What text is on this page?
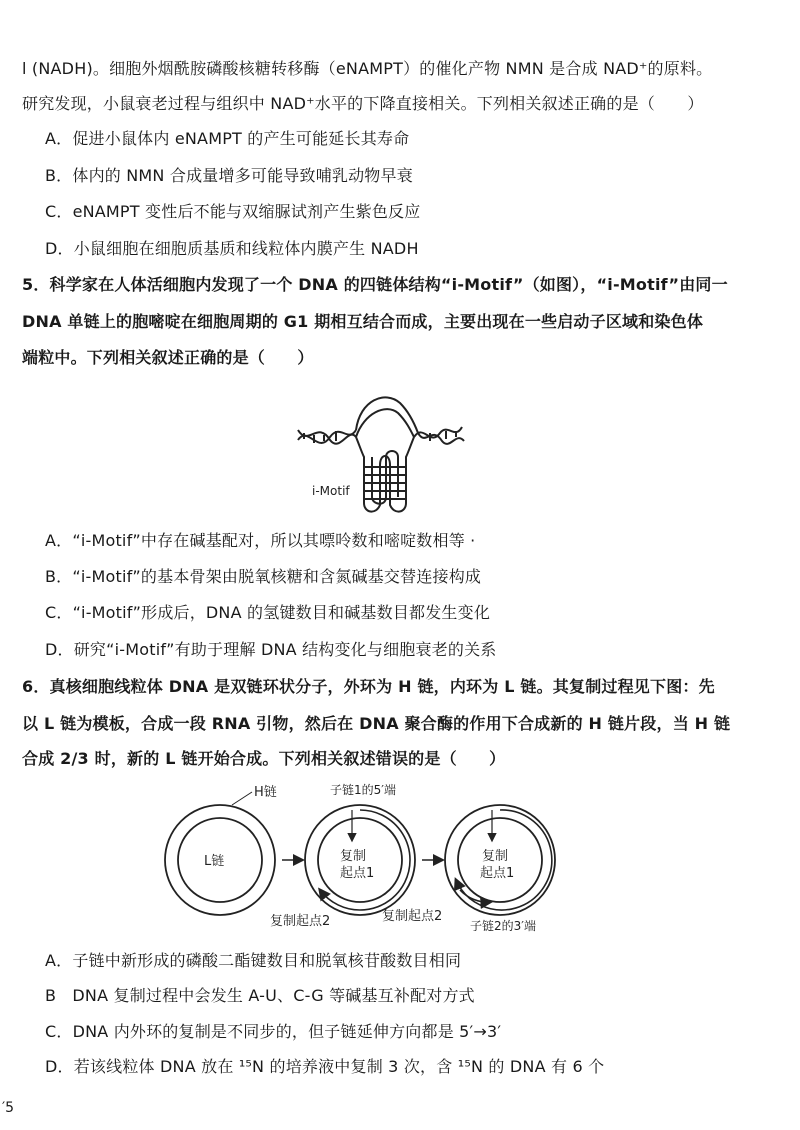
l (NADH)。细胞外烟酰胺磷酸核糖转移酶（eNAMPT）的催化产物 NMN 是合成 NAD⁺的原料。
研究发现，小鼠衰老过程与组织中 NAD⁺水平的下降直接相关。下列相关叙述正确的是（　　）
A．促进小鼠体内 eNAMPT 的产生可能延长其寿命
B．体内的 NMN 合成量增多可能导致哺乳动物早衰
C．eNAMPT 变性后不能与双缩脲试剂产生紫色反应
D．小鼠细胞在细胞质基质和线粒体内膜产生 NADH
5．科学家在人体活细胞内发现了一个 DNA 的四链体结构“i-Motif”（如图），“i-Motif”由同一
DNA 单链上的胞嘧啶在细胞周期的 G1 期相互结合而成，主要出现在一些启动子区域和染色体
端粒中。下列相关叙述正确的是（　　）
i-Motif
A．“i-Motif”中存在碱基配对，所以其嘌呤数和嘧啶数相等 ·
B．“i-Motif”的基本骨架由脱氧核糖和含氮碱基交替连接构成
C．“i-Motif”形成后，DNA 的氢键数目和碱基数目都发生变化
D．研究“i-Motif”有助于理解 DNA 结构变化与细胞衰老的关系
6．真核细胞线粒体 DNA 是双链环状分子，外环为 H 链，内环为 L 链。其复制过程见下图：先
以 L 链为模板，合成一段 RNA 引物，然后在 DNA 聚合酶的作用下合成新的 H 链片段，当 H 链
合成 2/3 时，新的 L 链开始合成。下列相关叙述错误的是（　　）
H链
L链
子链1的5′端
复制
起点1
复制起点2
复制
起点1
复制起点2
子链2的3′端
A．子链中新形成的磷酸二酯键数目和脱氧核苷酸数目相同
B　DNA 复制过程中会发生 A-U、C-G 等碱基互补配对方式
C．DNA 内外环的复制是不同步的，但子链延伸方向都是 5′→3′
D．若该线粒体 DNA 放在 ¹⁵N 的培养液中复制 3 次，含 ¹⁵N 的 DNA 有 6 个
′5
